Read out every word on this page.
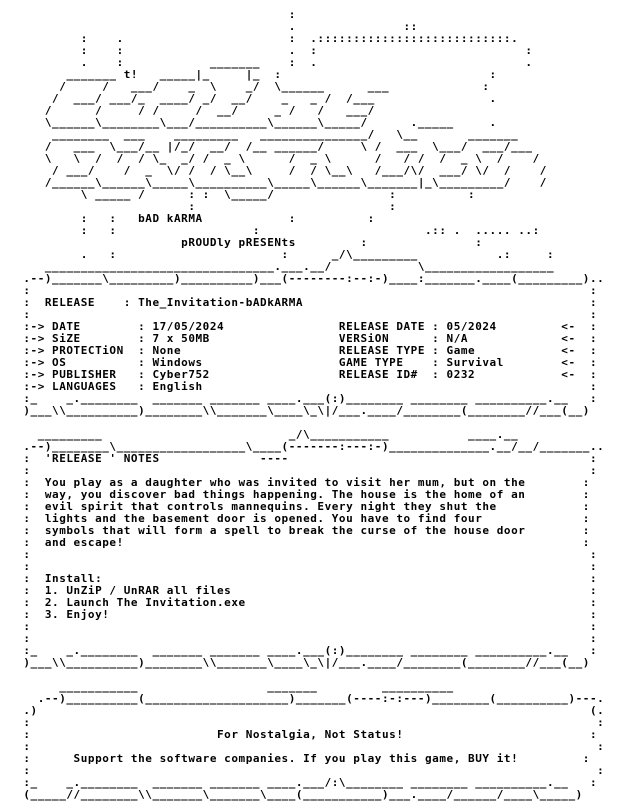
:
.               ::
:    .                       :  .:::::::::::::::::::::::::::.
:    :                       .  :                             :
.    :            _______    :  .                             .
_______ t!   _____|_     |_  :                             :
/     /   ___/    _  \    _/  \______      ___             :
/  ___/ ___/_  ____/ _/  __/    _   _ /  /___                .
/      /     / /     /  __/     _ /   /   ___/
\______\________\___/__________\______\_____/      ._____     .
________  ___    _________   _______________/   \__       _______
/   ___  \___/__ |/_/  __/  /__ ______/     \ /  ___  \___/  ___/___
\   \  /  /  / \_  _/ /  _ \      /  _ \      /   / /  /  _ \  /    /
/ ___/    /  _  \/ /  / \__\     /  / \__\   /___/\/  ___/ \/  /    /
/______\______\_____\__________\_____\______\_______|_\_________/    /
\ _____ /      : :  \_____/                :          :
:                           :
:   :   bAD kARMA            :          :
:   :                   :                       .:: .  ..... ..:
pROUDly pRESENts         :               :
.   :                       :      _/\_________           .:     :
________________________________.___.__/            \__________________
.--)_______\_________)__________)___(--------:--:-)____:_______.____(_________)..
:                                                                              :
:  RELEASE    : The_Invitation-bADkARMA                                        :
:                                                                              :
:-> DATE        : 17/05/2024                RELEASE DATE : 05/2024         <-  :
:-> SiZE        : 7 x 50MB                  VERSiON      : N/A             <-  :
:-> PROTECTiON  : None                      RELEASE TYPE : Game            <-  :
:-> OS          : Windows                   GAME TYPE    : Survival        <-  :
:-> PUBLISHER   : Cyber752                  RELEASE ID#  : 0232            <-  :
:-> LANGUAGES   : English                                                      :
:_    _.________  _______ _______ ____.___(:)________ ________ __________.__   :
)___\\__________)________\\_______\____\_\|/___.____/________(________//___(__)
_________                          _/\___________           ____.__
.--)________\__________________\____(-------:---:-)______________.__/__/_______..
:  'RELEASE ' NOTES              ----                                          :
:                                                                              :
:  You play as a daughter who was invited to visit her mum, but on the        :
:  way, you discover bad things happening. The house is the home of an        :
:  evil spirit that controls mannequins. Every night they shut the            :
:  lights and the basement door is opened. You have to find four              :
:  symbols that will form a spell to break the curse of the house door        :
:  and escape!                                                                :
:                                                                              :
:                                                                              :
:  Install:                                                                    :
:  1. UnZiP / UnRAR all files                                                  :
:  2. Launch The Invitation.exe                                                :
:  3. Enjoy!                                                                   :
:                                                                              :
:                                                                              :
:_    _.________  _______ _______ ____.___(:)________ ________ __________.__   :
)___\\__________)________\\_______\____\_\|/___.____/________(________//___(__)
___________                  _______         __________
.--)__________(____________________)_______(----:-:---)________(__________)---.
.)                                                                             (.
:                                                                               :
:                          For Nostalgia, Not Status!                          :
:                                                                               :
:      Support the software companies. If you play this game, BUY it!         :
:                                                                               :
:_    _.________  _______ _______ ____.___/:\________ ________ __________.__   :
(_____//________\\_______\_______\____(___________)___.____/______/____\_____)
